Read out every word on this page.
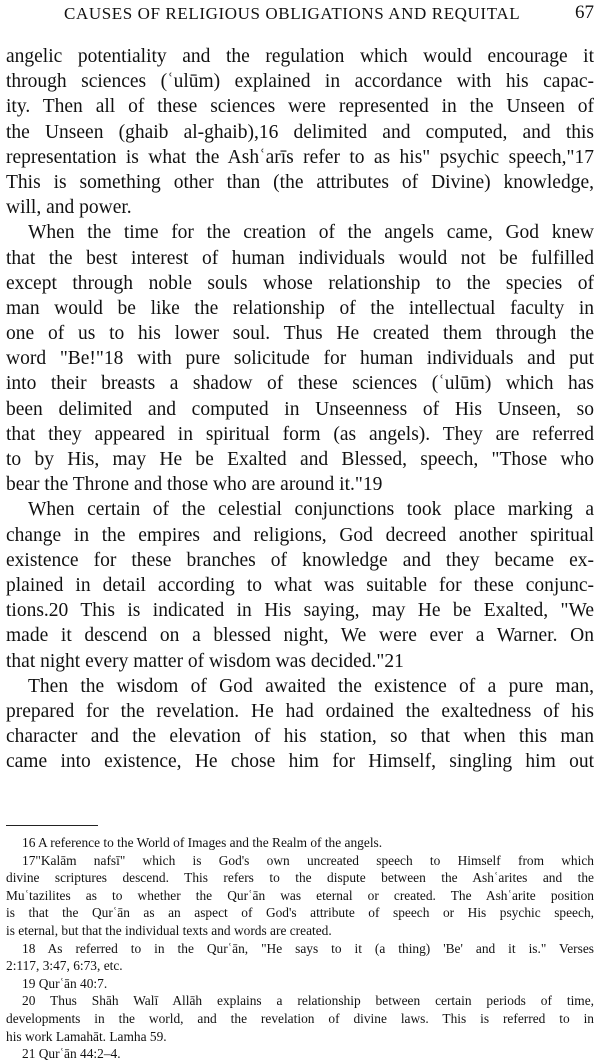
CAUSES OF RELIGIOUS OBLIGATIONS AND REQUITAL	67
angelic potentiality and the regulation which would encourage it
through sciences (ʿulūm) explained in accordance with his capac-
ity. Then all of these sciences were represented in the Unseen of
the Unseen (ghaib al-ghaib),16 delimited and computed, and this
representation is what the Ashʿarīs refer to as his" psychic speech,"17
This is something other than (the attributes of Divine) knowledge,
will, and power.
When the time for the creation of the angels came, God knew
that the best interest of human individuals would not be fulfilled
except through noble souls whose relationship to the species of
man would be like the relationship of the intellectual faculty in
one of us to his lower soul. Thus He created them through the
word "Be!"18 with pure solicitude for human individuals and put
into their breasts a shadow of these sciences (ʿulūm) which has
been delimited and computed in Unseenness of His Unseen, so
that they appeared in spiritual form (as angels). They are referred
to by His, may He be Exalted and Blessed, speech, "Those who
bear the Throne and those who are around it."19
When certain of the celestial conjunctions took place marking a
change in the empires and religions, God decreed another spiritual
existence for these branches of knowledge and they became ex-
plained in detail according to what was suitable for these conjunc-
tions.20 This is indicated in His saying, may He be Exalted, "We
made it descend on a blessed night, We were ever a Warner. On
that night every matter of wisdom was decided."21
Then the wisdom of God awaited the existence of a pure man,
prepared for the revelation. He had ordained the exaltedness of his
character and the elevation of his station, so that when this man
came into existence, He chose him for Himself, singling him out
16 A reference to the World of Images and the Realm of the angels.
17"Kalām nafsī" which is God's own uncreated speech to Himself from which
divine scriptures descend. This refers to the dispute between the Ashʿarites and the
Muʿtazilites as to whether the Qurʿān was eternal or created. The Ashʿarite position
is that the Qurʿān as an aspect of God's attribute of speech or His psychic speech,
is eternal, but that the individual texts and words are created.
18 As referred to in the Qurʿān, "He says to it (a thing) 'Be' and it is." Verses
2:117, 3:47, 6:73, etc.
19 Qurʿān 40:7.
20 Thus Shāh Walī Allāh explains a relationship between certain periods of time,
developments in the world, and the revelation of divine laws. This is referred to in
his work Lamahāt. Lamha 59.
21 Qurʿān 44:2–4.
